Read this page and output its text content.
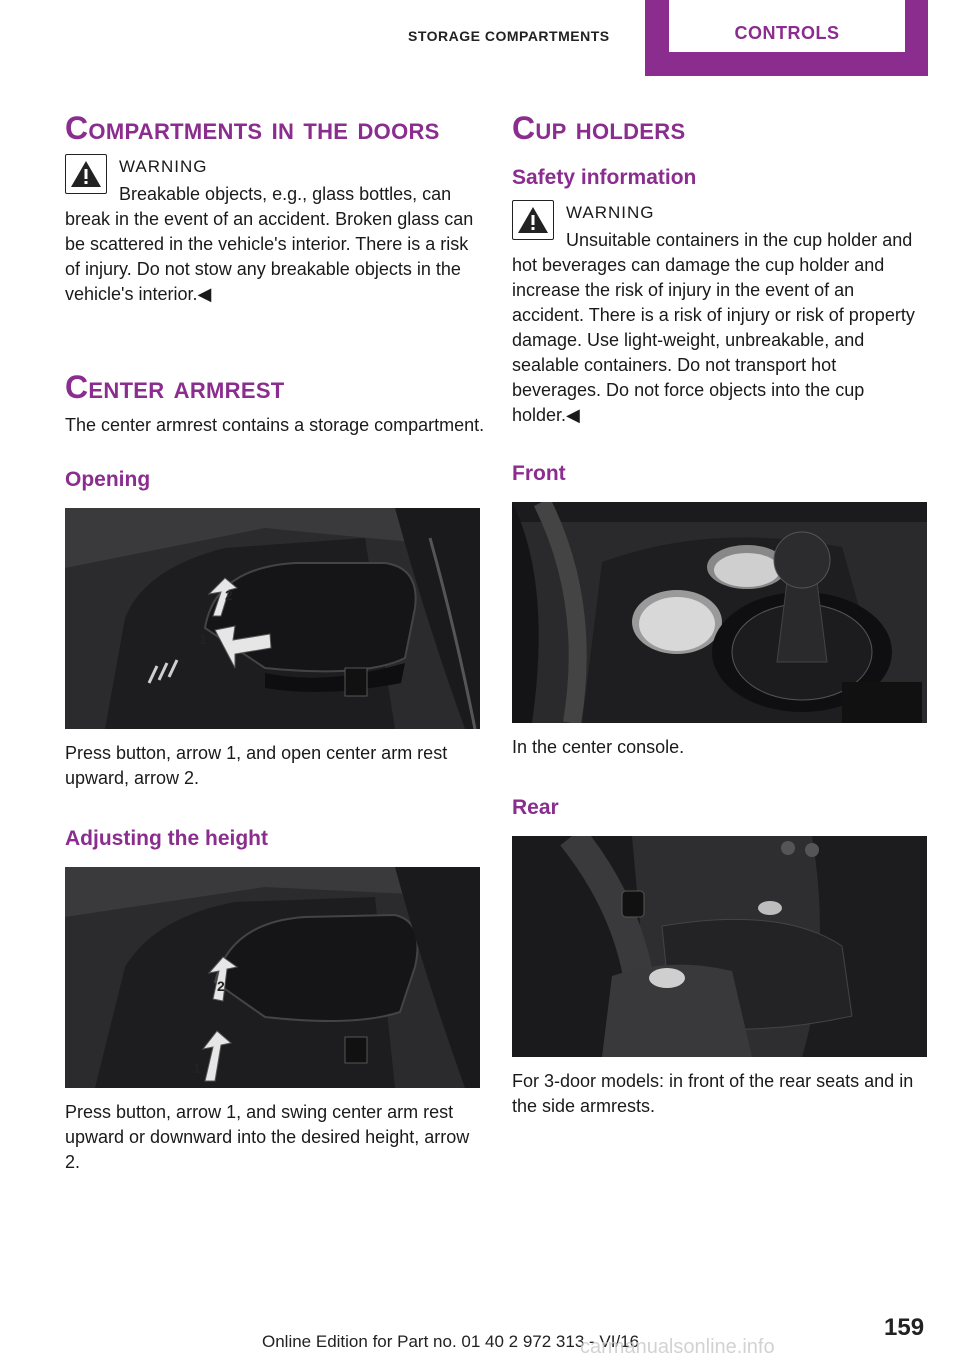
STORAGE COMPARTMENTS	CONTROLS
Compartments in the doors
WARNING

Breakable objects, e.g., glass bottles, can break in the event of an accident. Broken glass can be scattered in the vehicle's interior. There is a risk of injury. Do not stow any breakable objects in the vehicle's interior.◀

Center armrest

The center armrest contains a storage compartment.

Opening
1
2

Press button, arrow 1, and open center arm rest upward, arrow 2.

Adjusting the height
1
2

Press button, arrow 1, and swing center arm rest upward or downward into the desired height, arrow 2.

Cup holders
Safety information
WARNING

Unsuitable containers in the cup holder and hot beverages can damage the cup holder and increase the risk of injury in the event of an accident. There is a risk of injury or risk of property damage. Use light-weight, unbreakable, and sealable containers. Do not transport hot beverages. Do not force objects into the cup holder.◀

Front

In the center console.

Rear

For 3-door models: in front of the rear seats and in the side armrests.

159
Online Edition for Part no. 01 40 2 972 313 - VI/16
carmanualsonline.info
